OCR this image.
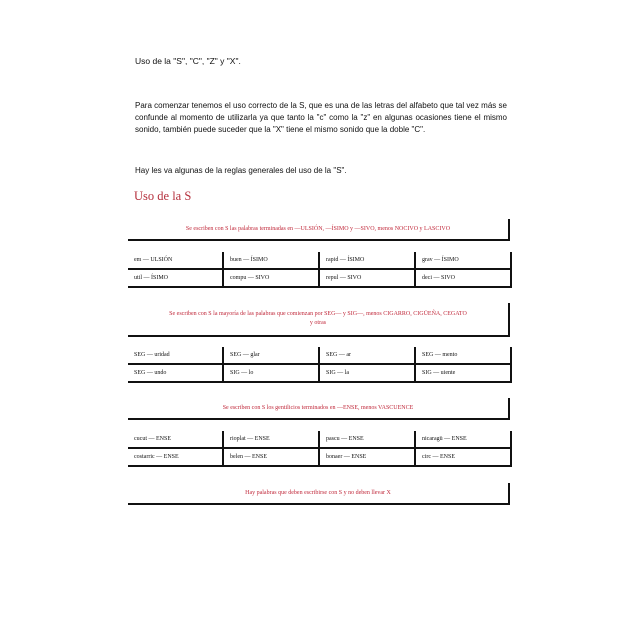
Uso de la "S", "C", "Z" y "X".

Para comenzar tenemos el uso correcto de la S, que es una de las letras del alfabeto que tal vez más se confunde al momento de utilizarla ya que tanto la "c" como la "z" en algunas ocasiones tiene el mismo sonido, también puede suceder que la "X" tiene el mismo sonido que la doble "C".

Hay les va algunas de la reglas generales del uso de la "S".

Uso de la S
Se escriben con S las palabras terminadas en —ULSIÓN, —ÍSIMO y —SIVO, menos NOCIVO y LASCIVO
em — ULSIÓN	buen — ÍSIMO	rapid — ÍSIMO	grav — ÍSIMO
util — ÍSIMO	compu — SIVO	repul — SIVO	deci — SIVO
Se escriben con S la mayoría de las palabras que comienzan por SEG— y SIG—, menos CIGARRO, CIGÜEÑA, CEGATO y otras
SEG — uridad	SEG — glar	SEG — ar	SEG — mento
SEG — undo	SIG — lo	SIG — la	SIG — uiente
Se escriben con S los gentilicios terminados en —ENSE, menos VASCUENCE
cucut — ENSE	rioplat — ENSE	pascu — ENSE	nicaragü — ENSE
costarric — ENSE	belen — ENSE	bonaer — ENSE	circ — ENSE
Hay palabras que deben escribirse con S y no deben llevar X
